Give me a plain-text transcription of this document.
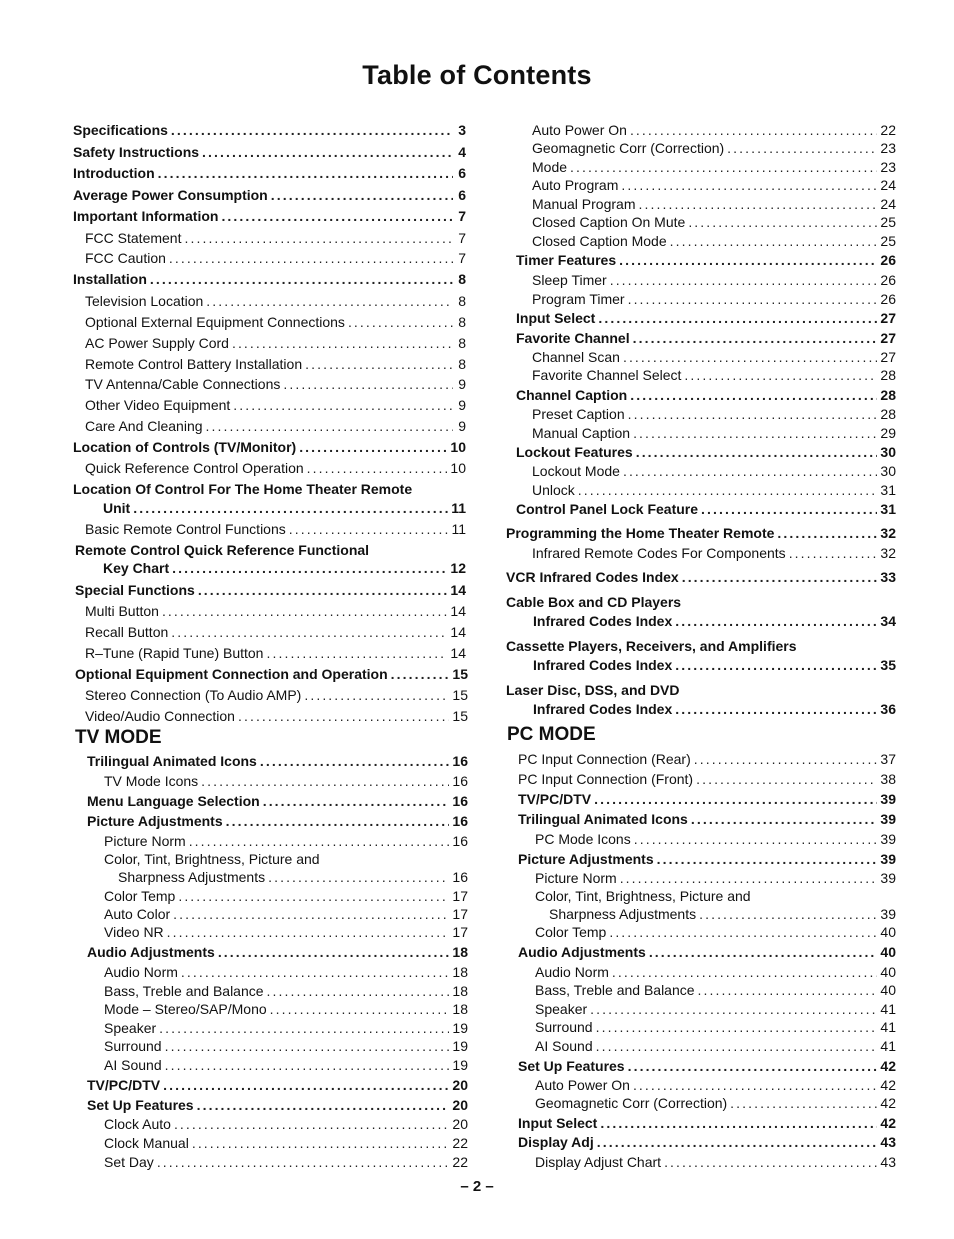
Table of Contents
Specifications .....	3
Safety Instructions .....	4
Introduction .....	6
Average Power Consumption .....	6
Important Information .....	7
FCC Statement .....	7
FCC Caution .....	7
Installation .....	8
Television Location .....	8
Optional External Equipment Connections .....	8
AC Power Supply Cord .....	8
Remote Control Battery Installation .....	8
TV Antenna/Cable Connections .....	9
Other Video Equipment .....	9
Care And Cleaning .....	9
Location of Controls (TV/Monitor) .....	10
Quick Reference Control Operation .....	10
Location Of Control For The Home Theater Remote
Unit .....	11
Basic Remote Control Functions .....	11
Remote Control Quick Reference Functional
Key Chart .....	12
Special Functions .....	14
Multi Button .....	14
Recall Button .....	14
R–Tune (Rapid Tune) Button .....	14
Optional Equipment Connection and Operation .....	15
Stereo Connection (To Audio AMP) .....	15
Video/Audio Connection .....	15
TV MODE
Trilingual Animated Icons .....	16
TV Mode Icons .....	16
Menu Language Selection .....	16
Picture Adjustments .....	16
Picture Norm .....	16
Color, Tint, Brightness, Picture and
Sharpness Adjustments .....	16
Color Temp .....	17
Auto Color .....	17
Video NR .....	17
Audio Adjustments .....	18
Audio Norm .....	18
Bass, Treble and Balance .....	18
Mode – Stereo/SAP/Mono .....	18
Speaker .....	19
Surround .....	19
AI Sound .....	19
TV/PC/DTV .....	20
Set Up Features .....	20
Clock Auto .....	20
Clock Manual .....	22
Set Day .....	22
Auto Power On .....	22
Geomagnetic Corr (Correction) .....	23
Mode .....	23
Auto Program .....	24
Manual Program .....	24
Closed Caption On Mute .....	25
Closed Caption Mode .....	25
Timer Features .....	26
Sleep Timer .....	26
Program Timer .....	26
Input Select .....	27
Favorite Channel .....	27
Channel Scan .....	27
Favorite Channel Select .....	28
Channel Caption .....	28
Preset Caption .....	28
Manual Caption .....	29
Lockout Features .....	30
Lockout Mode .....	30
Unlock .....	31
Control Panel Lock Feature .....	31
Programming the Home Theater Remote .....	32
Infrared Remote Codes For Components .....	32
VCR Infrared Codes Index .....	33
Cable Box and CD Players
Infrared Codes Index .....	34
Cassette Players, Receivers, and Amplifiers
Infrared Codes Index .....	35
Laser Disc, DSS, and DVD
Infrared Codes Index .....	36
PC MODE
PC Input Connection (Rear) .....	37
PC Input Connection (Front) .....	38
TV/PC/DTV .....	39
Trilingual Animated Icons .....	39
PC Mode Icons .....	39
Picture Adjustments .....	39
Picture Norm .....	39
Color, Tint, Brightness, Picture and
Sharpness Adjustments .....	39
Color Temp .....	40
Audio Adjustments .....	40
Audio Norm .....	40
Bass, Treble and Balance .....	40
Speaker .....	41
Surround .....	41
AI Sound .....	41
Set Up Features .....	42
Auto Power On .....	42
Geomagnetic Corr (Correction) .....	42
Input Select .....	42
Display Adj .....	43
Display Adjust Chart .....	43
– 2 –
